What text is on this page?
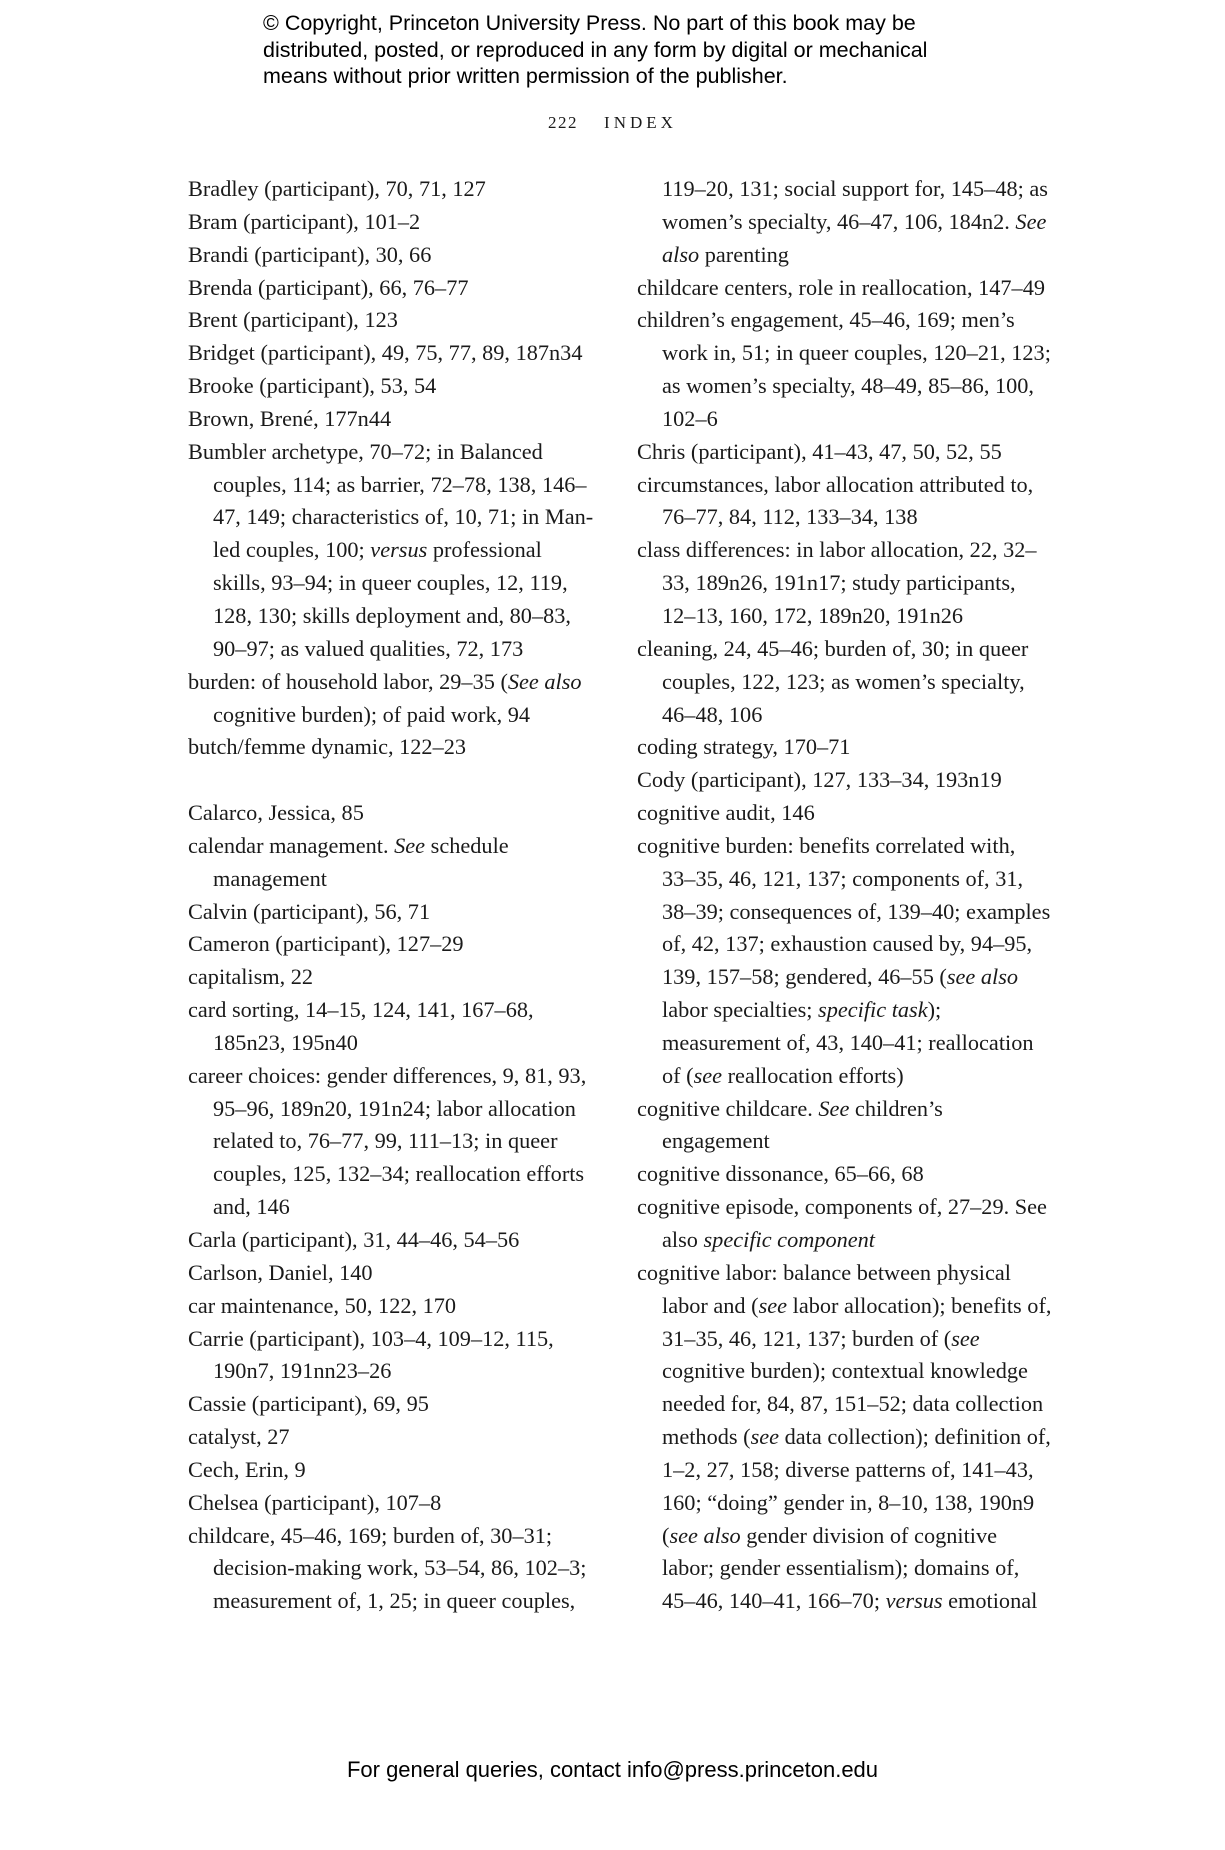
© Copyright, Princeton University Press. No part of this book may be
distributed, posted, or reproduced in any form by digital or mechanical
means without prior written permission of the publisher.
222 INDEX
Bradley (participant), 70, 71, 127
Bram (participant), 101–2
Brandi (participant), 30, 66
Brenda (participant), 66, 76–77
Brent (participant), 123
Bridget (participant), 49, 75, 77, 89, 187n34
Brooke (participant), 53, 54
Brown, Brené, 177n44
Bumbler archetype, 70–72; in Balanced couples, 114; as barrier, 72–78, 138, 146–47, 149; characteristics of, 10, 71; in Man-led couples, 100; versus professional skills, 93–94; in queer couples, 12, 119, 128, 130; skills deployment and, 80–83, 90–97; as valued qualities, 72, 173
burden: of household labor, 29–35 (See also cognitive burden); of paid work, 94
butch/femme dynamic, 122–23
Calarco, Jessica, 85
calendar management. See schedule management
Calvin (participant), 56, 71
Cameron (participant), 127–29
capitalism, 22
card sorting, 14–15, 124, 141, 167–68, 185n23, 195n40
career choices: gender differences, 9, 81, 93, 95–96, 189n20, 191n24; labor allocation related to, 76–77, 99, 111–13; in queer couples, 125, 132–34; reallocation efforts and, 146
Carla (participant), 31, 44–46, 54–56
Carlson, Daniel, 140
car maintenance, 50, 122, 170
Carrie (participant), 103–4, 109–12, 115, 190n7, 191nn23–26
Cassie (participant), 69, 95
catalyst, 27
Cech, Erin, 9
Chelsea (participant), 107–8
childcare, 45–46, 169; burden of, 30–31; decision-making work, 53–54, 86, 102–3; measurement of, 1, 25; in queer couples,
119–20, 131; social support for, 145–48; as women’s specialty, 46–47, 106, 184n2. See also parenting
childcare centers, role in reallocation, 147–49
children’s engagement, 45–46, 169; men’s work in, 51; in queer couples, 120–21, 123; as women’s specialty, 48–49, 85–86, 100, 102–6
Chris (participant), 41–43, 47, 50, 52, 55
circumstances, labor allocation attributed to, 76–77, 84, 112, 133–34, 138
class differences: in labor allocation, 22, 32–33, 189n26, 191n17; study participants, 12–13, 160, 172, 189n20, 191n26
cleaning, 24, 45–46; burden of, 30; in queer couples, 122, 123; as women’s specialty, 46–48, 106
coding strategy, 170–71
Cody (participant), 127, 133–34, 193n19
cognitive audit, 146
cognitive burden: benefits correlated with, 33–35, 46, 121, 137; components of, 31, 38–39; consequences of, 139–40; examples of, 42, 137; exhaustion caused by, 94–95, 139, 157–58; gendered, 46–55 (see also labor specialties; specific task); measurement of, 43, 140–41; reallocation of (see reallocation efforts)
cognitive childcare. See children’s engagement
cognitive dissonance, 65–66, 68
cognitive episode, components of, 27–29. See also specific component
cognitive labor: balance between physical labor and (see labor allocation); benefits of, 31–35, 46, 121, 137; burden of (see cognitive burden); contextual knowledge needed for, 84, 87, 151–52; data collection methods (see data collection); definition of, 1–2, 27, 158; diverse patterns of, 141–43, 160; “doing” gender in, 8–10, 138, 190n9 (see also gender division of cognitive labor; gender essentialism); domains of, 45–46, 140–41, 166–70; versus emotional
For general queries, contact info@press.princeton.edu
